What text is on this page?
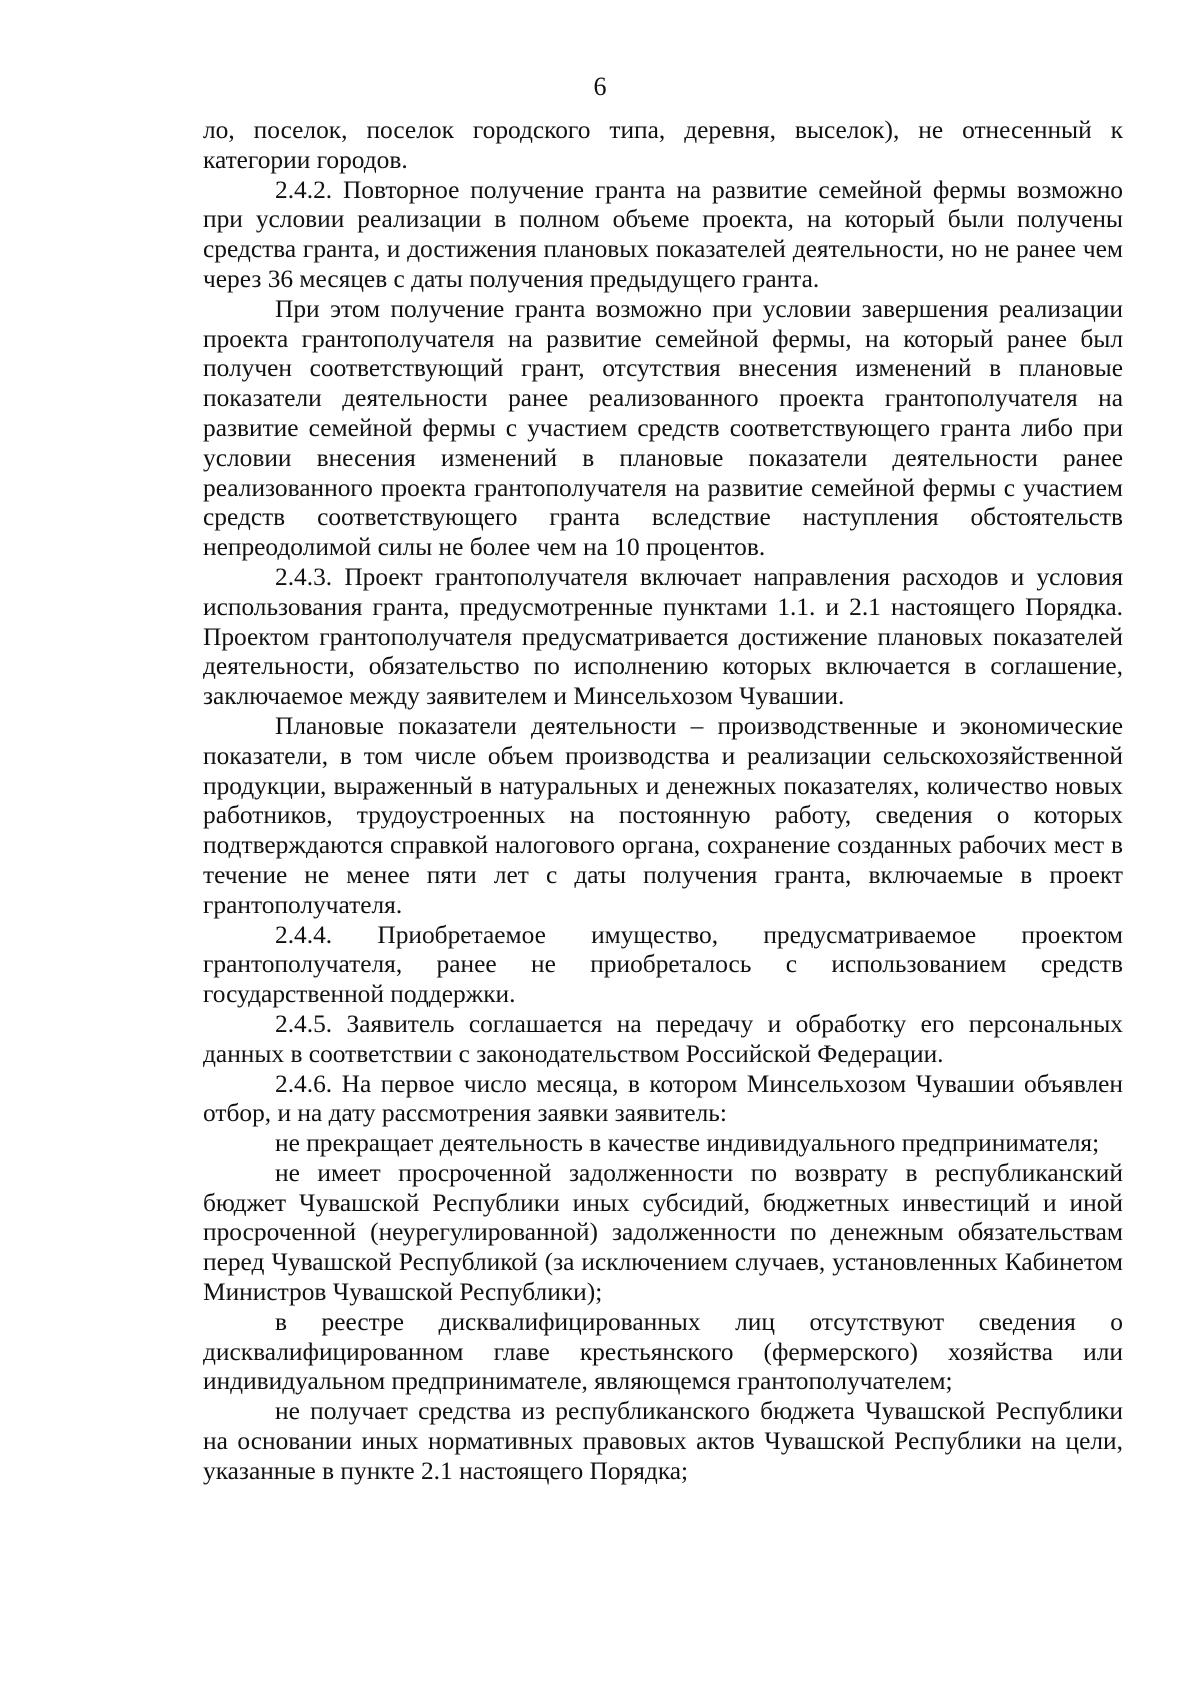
6

ло, поселок, поселок городского типа, деревня, выселок), не отнесенный к категории городов.

2.4.2. Повторное получение гранта на развитие семейной фермы возможно при условии реализации в полном объеме проекта, на который были получены средства гранта, и достижения плановых показателей деятельности, но не ранее чем через 36 месяцев с даты получения предыдущего гранта.

При этом получение гранта возможно при условии завершения реализации проекта грантополучателя на развитие семейной фермы, на который ранее был получен соответствующий грант, отсутствия внесения изменений в плановые показатели деятельности ранее реализованного проекта грантополучателя на развитие семейной фермы с участием средств соответствующего гранта либо при условии внесения изменений в плановые показатели деятельности ранее реализованного проекта грантополучателя на развитие семейной фермы с участием средств соответствующего гранта вследствие наступления обстоятельств непреодолимой силы не более чем на 10 процентов.

2.4.3. Проект грантополучателя включает направления расходов и условия использования гранта, предусмотренные пунктами 1.1. и 2.1 настоящего Порядка. Проектом грантополучателя предусматривается достижение плановых показателей деятельности, обязательство по исполнению которых включается в соглашение, заключаемое между заявителем и Минсельхозом Чувашии.

Плановые показатели деятельности – производственные и экономические показатели, в том числе объем производства и реализации сельскохозяйственной продукции, выраженный в натуральных и денежных показателях, количество новых работников, трудоустроенных на постоянную работу, сведения о которых подтверждаются справкой налогового органа, сохранение созданных рабочих мест в течение не менее пяти лет с даты получения гранта, включаемые в проект грантополучателя.

2.4.4. Приобретаемое имущество, предусматриваемое проектом грантополучателя, ранее не приобреталось с использованием средств государственной поддержки.

2.4.5. Заявитель соглашается на передачу и обработку его персональных данных в соответствии с законодательством Российской Федерации.

2.4.6. На первое число месяца, в котором Минсельхозом Чувашии объявлен отбор, и на дату рассмотрения заявки заявитель:

не прекращает деятельность в качестве индивидуального предпринимателя;

не имеет просроченной задолженности по возврату в республиканский бюджет Чувашской Республики иных субсидий, бюджетных инвестиций и иной просроченной (неурегулированной) задолженности по денежным обязательствам перед Чувашской Республикой (за исключением случаев, установленных Кабинетом Министров Чувашской Республики);

в реестре дисквалифицированных лиц отсутствуют сведения о дисквалифицированном главе крестьянского (фермерского) хозяйства или индивидуальном предпринимателе, являющемся грантополучателем;

не получает средства из республиканского бюджета Чувашской Республики на основании иных нормативных правовых актов Чувашской Республики на цели, указанные в пункте 2.1 настоящего Порядка;
